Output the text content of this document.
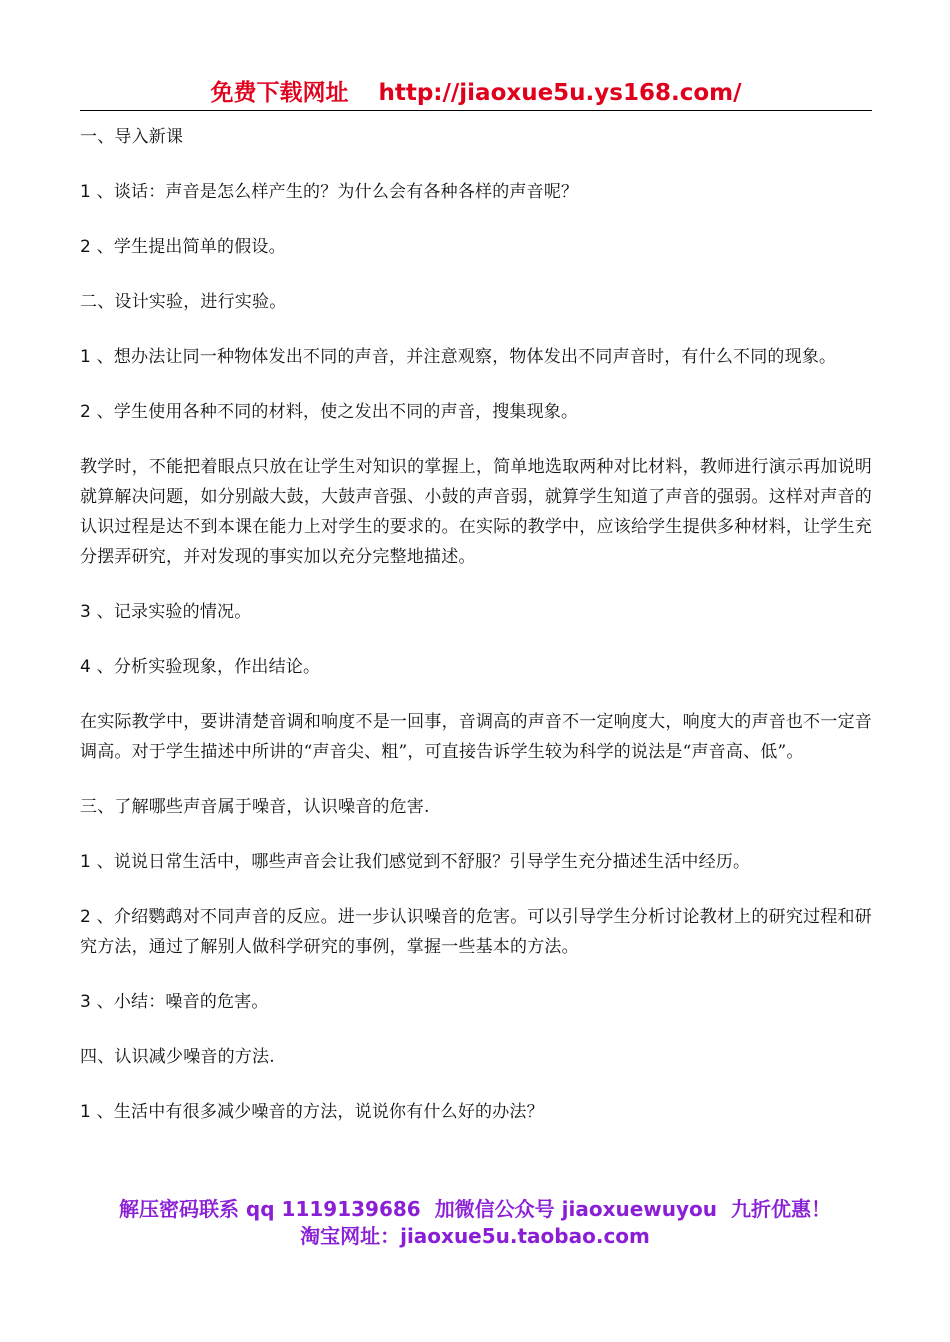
免费下载网址 http://jiaoxue5u.ys168.com/

一、导入新课

1 、谈话：声音是怎么样产生的？为什么会有各种各样的声音呢？

2 、学生提出简单的假设。

二、设计实验，进行实验。

1 、想办法让同一种物体发出不同的声音，并注意观察，物体发出不同声音时，有什么不同的现象。

2 、学生使用各种不同的材料，使之发出不同的声音，搜集现象。

教学时，不能把着眼点只放在让学生对知识的掌握上，简单地选取两种对比材料，教师进行演示再加说明就算解决问题，如分别敲大鼓，大鼓声音强、小鼓的声音弱，就算学生知道了声音的强弱。这样对声音的认识过程是达不到本课在能力上对学生的要求的。在实际的教学中，应该给学生提供多种材料，让学生充分摆弄研究，并对发现的事实加以充分完整地描述。

3 、记录实验的情况。

4 、分析实验现象，作出结论。

在实际教学中，要讲清楚音调和响度不是一回事，音调高的声音不一定响度大，响度大的声音也不一定音调高。对于学生描述中所讲的“声音尖、粗”，可直接告诉学生较为科学的说法是“声音高、低”。

三、了解哪些声音属于噪音，认识噪音的危害.

1 、说说日常生活中，哪些声音会让我们感觉到不舒服？引导学生充分描述生活中经历。

2 、介绍鹦鹉对不同声音的反应。进一步认识噪音的危害。可以引导学生分析讨论教材上的研究过程和研究方法，通过了解别人做科学研究的事例，掌握一些基本的方法。

3 、小结：噪音的危害。

四、认识减少噪音的方法.

1 、生活中有很多减少噪音的方法，说说你有什么好的办法？

解压密码联系 qq 1119139686 加微信公众号 jiaoxuewuyou 九折优惠！
淘宝网址：jiaoxue5u.taobao.com
